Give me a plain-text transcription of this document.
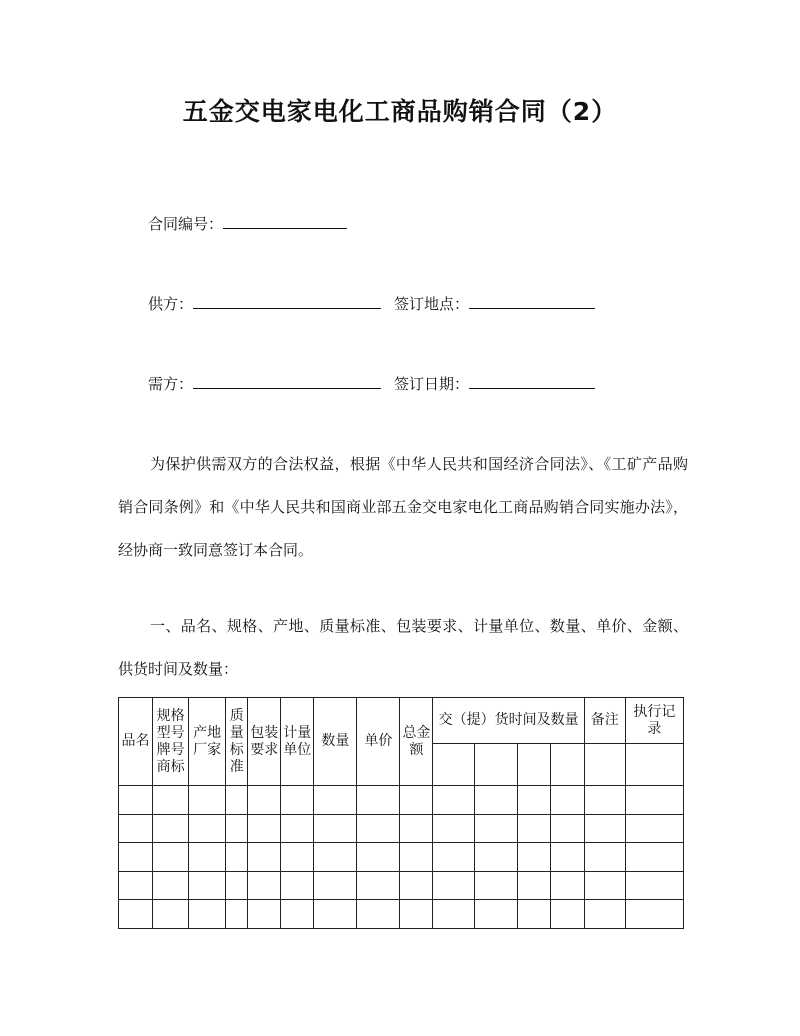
五金交电家电化工商品购销合同（2）
合同编号：
供方：	签订地点：
需方：	签订日期：
为保护供需双方的合法权益，根据《中华人民共和国经济合同法》、《工矿产品购销合同条例》和《中华人民共和国商业部五金交电家电化工商品购销合同实施办法》，经协商一致同意签订本合同。
一、品名、规格、产地、质量标准、包装要求、计量单位、数量、单价、金额、供货时间及数量：
品名	规格型号牌号商标	产地厂家	质量标准	包装要求	计量单位	数量	单价	总金额	交（提）货时间及数量				备注	执行记录
